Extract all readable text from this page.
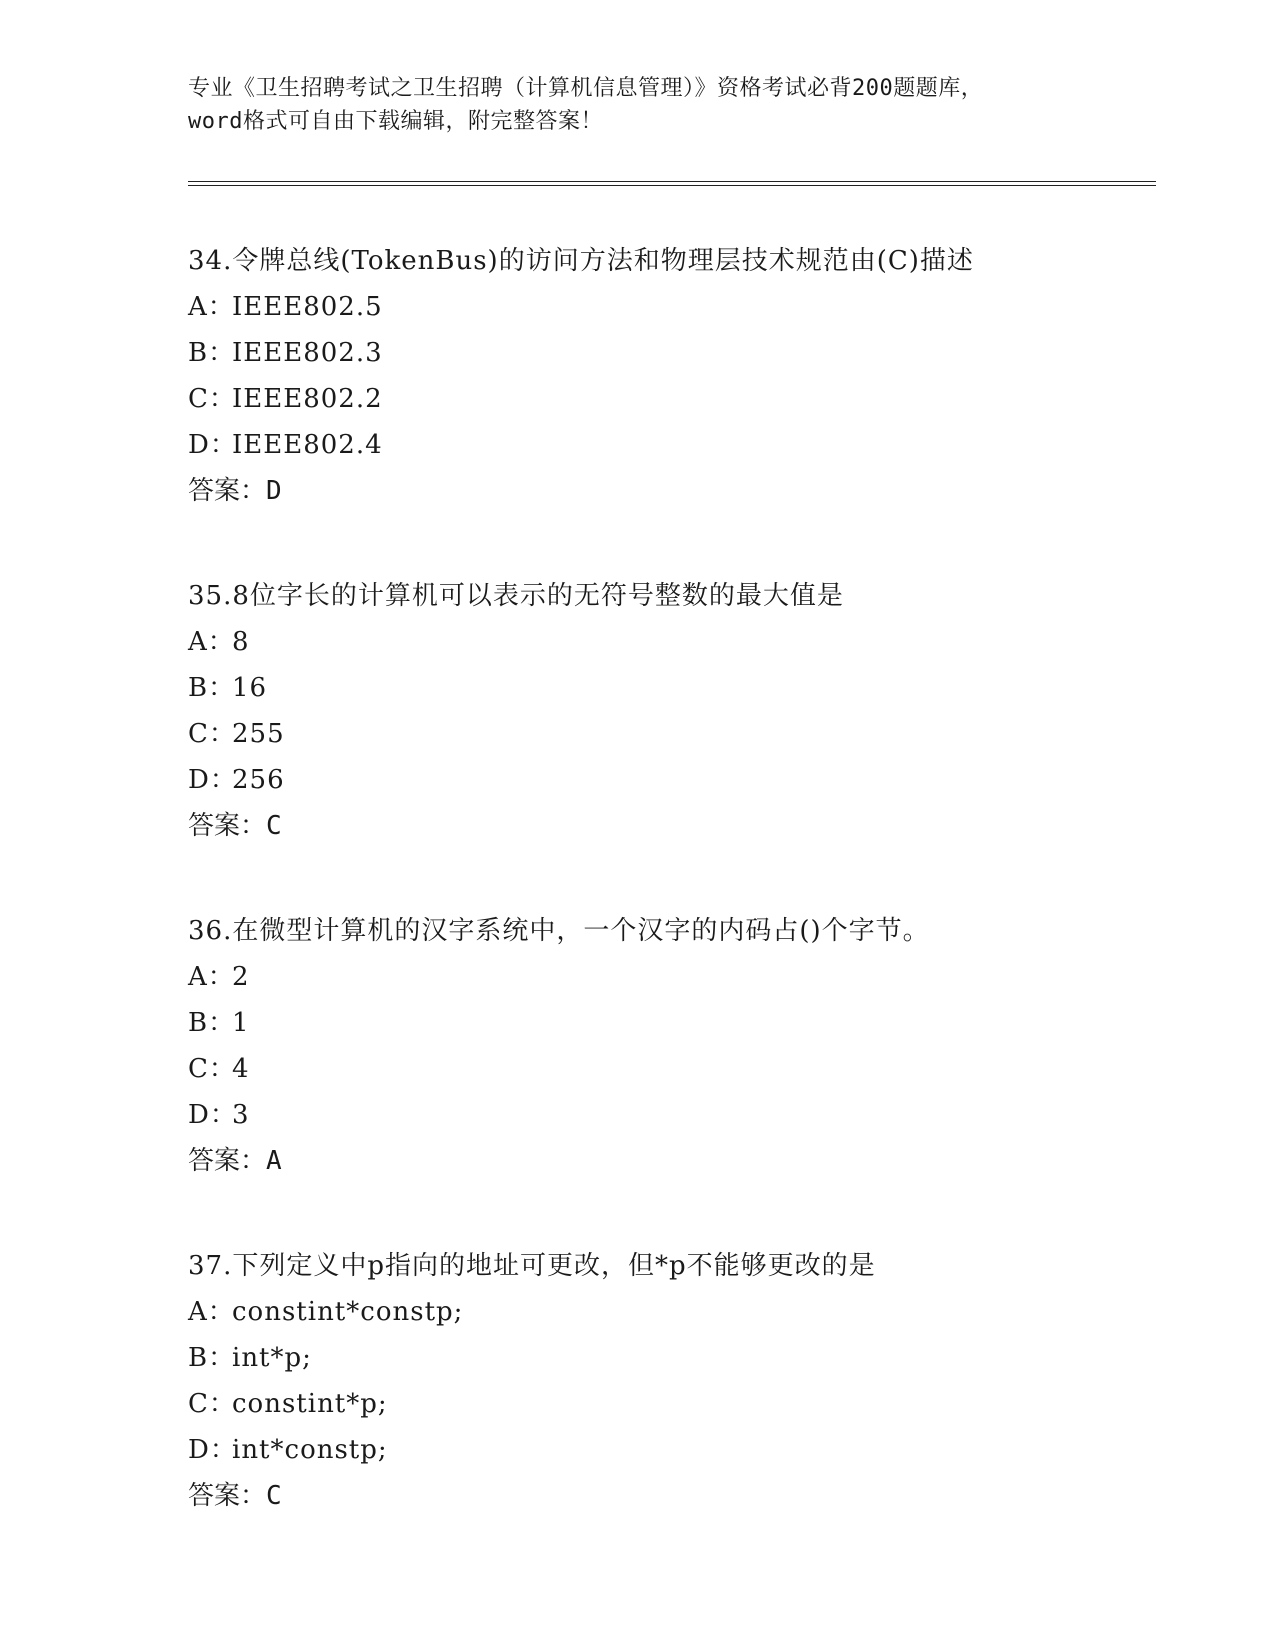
专业《卫生招聘考试之卫生招聘（计算机信息管理）》资格考试必背200题题库，
word格式可自由下载编辑，附完整答案！
34.令牌总线(TokenBus)的访问方法和物理层技术规范由(C)描述
A：IEEE802.5
B：IEEE802.3
C：IEEE802.2
D：IEEE802.4
答案：D
35.8位字长的计算机可以表示的无符号整数的最大值是
A：8
B：16
C：255
D：256
答案：C
36.在微型计算机的汉字系统中，一个汉字的内码占()个字节。
A：2
B：1
C：4
D：3
答案：A
37.下列定义中p指向的地址可更改，但*p不能够更改的是
A：constint*constp;
B：int*p;
C：constint*p;
D：int*constp;
答案：C
